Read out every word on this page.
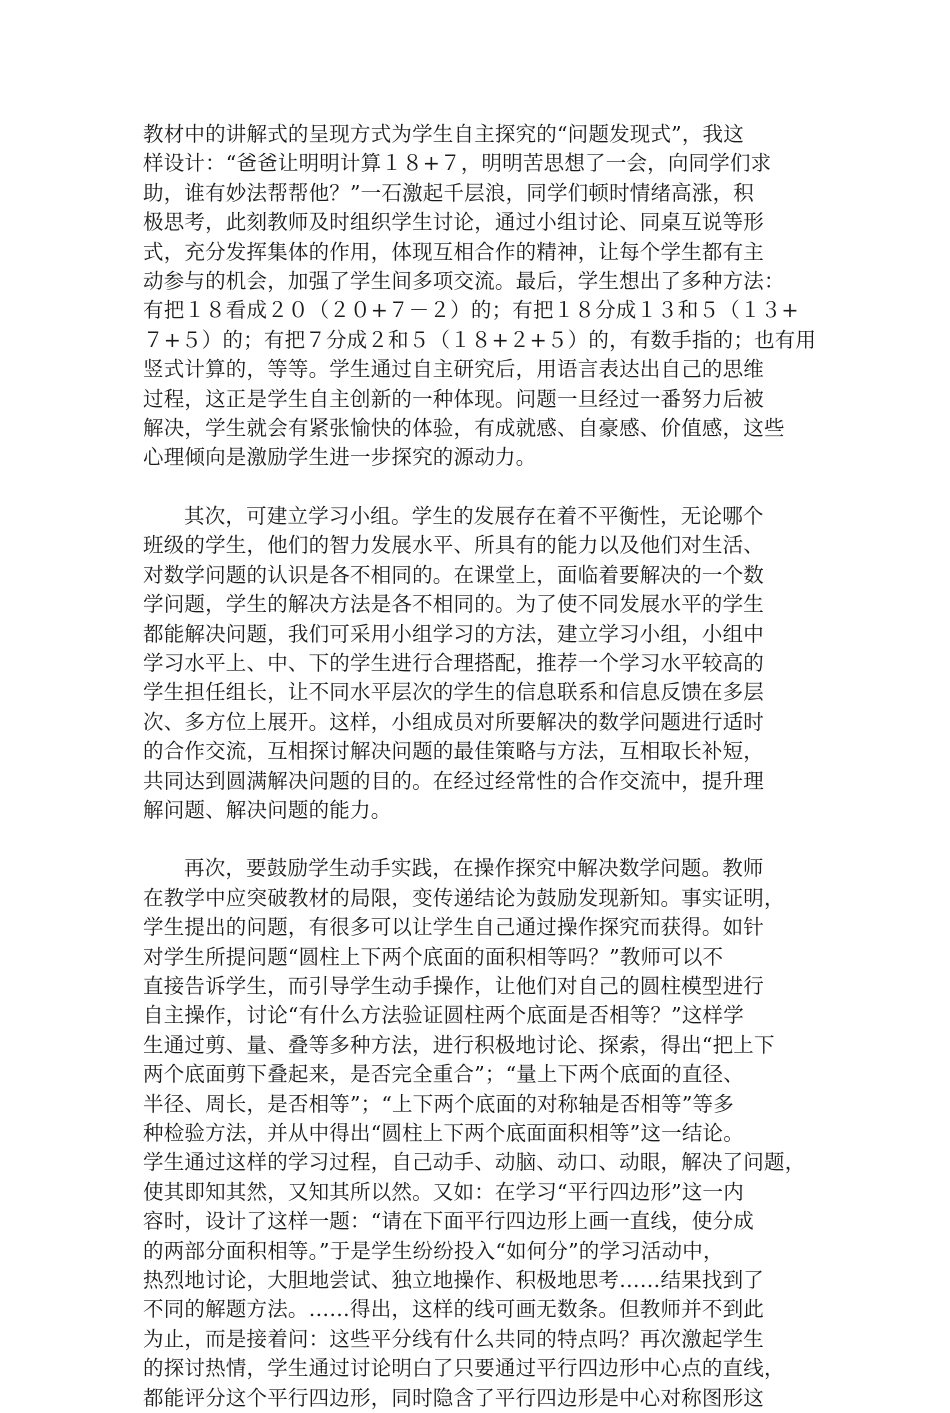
教材中的讲解式的呈现方式为学生自主探究的“问题发现式”，我这
样设计：“爸爸让明明计算１８+７，明明苦思想了一会，向同学们求
助，谁有妙法帮帮他？”一石激起千层浪，同学们顿时情绪高涨，积
极思考，此刻教师及时组织学生讨论，通过小组讨论、同桌互说等形
式，充分发挥集体的作用，体现互相合作的精神，让每个学生都有主
动参与的机会，加强了学生间多项交流。最后，学生想出了多种方法：
有把１８看成２０（２０+７－２）的；有把１８分成１３和５（１３+
７+５）的；有把７分成２和５（１８+２+５）的，有数手指的；也有用
竖式计算的，等等。学生通过自主研究后，用语言表达出自己的思维
过程，这正是学生自主创新的一种体现。问题一旦经过一番努力后被
解决，学生就会有紧张愉快的体验，有成就感、自豪感、价值感，这些
心理倾向是激励学生进一步探究的源动力。

其次，可建立学习小组。学生的发展存在着不平衡性，无论哪个
班级的学生，他们的智力发展水平、所具有的能力以及他们对生活、
对数学问题的认识是各不相同的。在课堂上，面临着要解决的一个数
学问题，学生的解决方法是各不相同的。为了使不同发展水平的学生
都能解决问题，我们可采用小组学习的方法，建立学习小组，小组中
学习水平上、中、下的学生进行合理搭配，推荐一个学习水平较高的
学生担任组长，让不同水平层次的学生的信息联系和信息反馈在多层
次、多方位上展开。这样，小组成员对所要解决的数学问题进行适时
的合作交流，互相探讨解决问题的最佳策略与方法，互相取长补短，
共同达到圆满解决问题的目的。在经过经常性的合作交流中，提升理
解问题、解决问题的能力。

再次，要鼓励学生动手实践，在操作探究中解决数学问题。教师
在教学中应突破教材的局限，变传递结论为鼓励发现新知。事实证明，
学生提出的问题，有很多可以让学生自己通过操作探究而获得。如针
对学生所提问题“圆柱上下两个底面的面积相等吗？”教师可以不
直接告诉学生，而引导学生动手操作，让他们对自己的圆柱模型进行
自主操作，讨论“有什么方法验证圆柱两个底面是否相等？”这样学
生通过剪、量、叠等多种方法，进行积极地讨论、探索，得出“把上下
两个底面剪下叠起来，是否完全重合”；“量上下两个底面的直径、
半径、周长，是否相等”；“上下两个底面的对称轴是否相等”等多
种检验方法，并从中得出“圆柱上下两个底面面积相等”这一结论。
学生通过这样的学习过程，自己动手、动脑、动口、动眼，解决了问题，
使其即知其然，又知其所以然。又如：在学习“平行四边形”这一内
容时，设计了这样一题：“请在下面平行四边形上画一直线，使分成
的两部分面积相等。”于是学生纷纷投入“如何分”的学习活动中，
热烈地讨论，大胆地尝试、独立地操作、积极地思考……结果找到了
不同的解题方法。……得出，这样的线可画无数条。但教师并不到此
为止，而是接着问：这些平分线有什么共同的特点吗？再次激起学生
的探讨热情，学生通过讨论明白了只要通过平行四边形中心点的直线，
都能评分这个平行四边形，同时隐含了平行四边形是中心对称图形这
